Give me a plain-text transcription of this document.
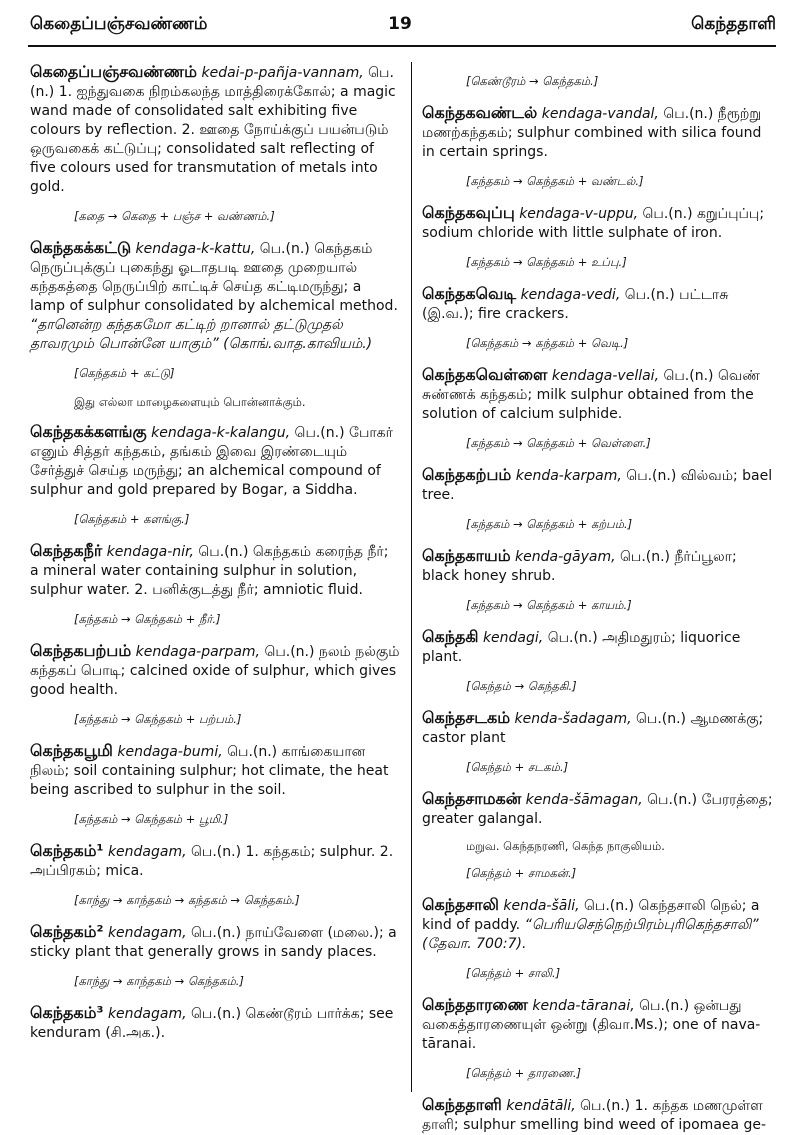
கெதைப்பஞ்சவண்ணம்	19	கெந்ததாளி

கெதைப்பஞ்சவண்ணம் kedai-p-pañja-vannam, பெ.(n.) 1. ஐந்துவகை நிறம்கலந்த மாத்திரைக்கோல்; a magic wand made of consolidated salt exhibiting five colours by reflection. 2. ஊதை நோய்க்குப் பயன்படும் ஒருவகைக் கட்டுப்பு; consolidated salt reflecting of five colours used for transmutation of metals into gold.

[கதை → கெதை + பஞ்ச + வண்ணம்.]

கெந்தகக்கட்டு kendaga-k-kattu, பெ.(n.) கெந்தகம் நெருப்புக்குப் புகைந்து ஓடாதபடி ஊதை முறையால் கந்தகத்தை நெருப்பிற் காட்டிச் செய்த கட்டிமருந்து; a lamp of sulphur consolidated by alchemical method. “தானென்ற கந்தகமோ கட்டிற் றானால் தட்டுமுதல் தாவரமும் பொன்னே யாகும்” (கொங்.வாத.காவியம்.)

[கெந்தகம் + கட்டு]
இது எல்லா மாழைகளையும் பொன்னாக்கும்.

கெந்தகக்களங்கு kendaga-k-kalangu, பெ.(n.) போகர் எனும் சித்தர் கந்தகம், தங்கம் இவை இரண்டையும் சேர்த்துச் செய்த மருந்து; an alchemical compound of sulphur and gold prepared by Bogar, a Siddha.

[கெந்தகம் + களங்கு.]

கெந்தகநீர் kendaga-nir, பெ.(n.) கெந்தகம் கரைந்த நீர்; a mineral water containing sulphur in solution, sulphur water. 2. பனிக்குடத்து நீர்; amniotic fluid.

[கந்தகம் → கெந்தகம் + நீர்.]

கெந்தகபற்பம் kendaga-parpam, பெ.(n.) நலம் நல்கும் கந்தகப் பொடி; calcined oxide of sulphur, which gives good health.

[கந்தகம் → கெந்தகம் + பற்பம்.]

கெந்தகபூமி kendaga-bumi, பெ.(n.) காங்கையான நிலம்; soil containing sulphur; hot climate, the heat being ascribed to sulphur in the soil.

[கந்தகம் → கெந்தகம் + பூமி.]

கெந்தகம்¹ kendagam, பெ.(n.) 1. கந்தகம்; sulphur. 2. அப்பிரகம்; mica.

[காந்து → காந்தகம் → கந்தகம் → கெந்தகம்.]

கெந்தகம்² kendagam, பெ.(n.) நாய்வேளை (மலை.); a sticky plant that generally grows in sandy places.

[காந்து → காந்தகம் → கெந்தகம்.]

கெந்தகம்³ kendagam, பெ.(n.) கெண்டூரம் பார்க்க; see kenduram (சி.அக.).

[கெண்டூரம் → கெந்தகம்.]

கெந்தகவண்டல் kendaga-vandal, பெ.(n.) நீரூற்று மணற்கந்தகம்; sulphur combined with silica found in certain springs.

[கந்தகம் → கெந்தகம் + வண்டல்.]

கெந்தகவுப்பு kendaga-v-uppu, பெ.(n.) கறுப்புப்பு; sodium chloride with little sulphate of iron.

[கந்தகம் → கெந்தகம் + உப்பு.]

கெந்தகவெடி kendaga-vedi, பெ.(n.) பட்டாசு (இ.வ.); fire crackers.

[கெந்தகம் → கந்தகம் + வெடி.]

கெந்தகவெள்ளை kendaga-vellai, பெ.(n.) வெண் சுண்ணக் கந்தகம்; milk sulphur obtained from the solution of calcium sulphide.

[கந்தகம் → கெந்தகம் + வெள்ளை.]

கெந்தகற்பம் kenda-karpam, பெ.(n.) வில்வம்; bael tree.

[கந்தகம் → கெந்தகம் + கற்பம்.]

கெந்தகாயம் kenda-gāyam, பெ.(n.) நீர்ப்பூலா; black honey shrub.

[கந்தகம் → கெந்தகம் + காயம்.]

கெந்தகி kendagi, பெ.(n.) அதிமதுரம்; liquorice plant.

[கெந்தம் → கெந்தகி.]

கெந்தசடகம் kenda-šadagam, பெ.(n.) ஆமணக்கு; castor plant

[கெந்தம் + சடகம்.]

கெந்தசாமகன் kenda-šāmagan, பெ.(n.) பேரரத்தை; greater galangal.

மறுவ. கெந்தநரணி, கெந்த நாகுலியம்.
[கெந்தம் + சாமகன்.]

கெந்தசாலி kenda-šāli, பெ.(n.) கெந்தசாலி நெல்; a kind of paddy. “பெரியசெந்நெற்பிரம்புரிகெந்தசாலி” (தேவா. 700:7).

[கெந்தம் + சாலி.]

கெந்ததாரணை kenda-tāranai, பெ.(n.) ஒன்பது வகைத்தாரணையுள் ஒன்று (திவா.Ms.); one of nava-tāranai.

[கெந்தம் + தாரணை.]

கெந்ததாளி kendātāli, பெ.(n.) 1. கந்தக மணமுள்ள தாளி; sulphur smelling bind weed of ipomaea ge-
